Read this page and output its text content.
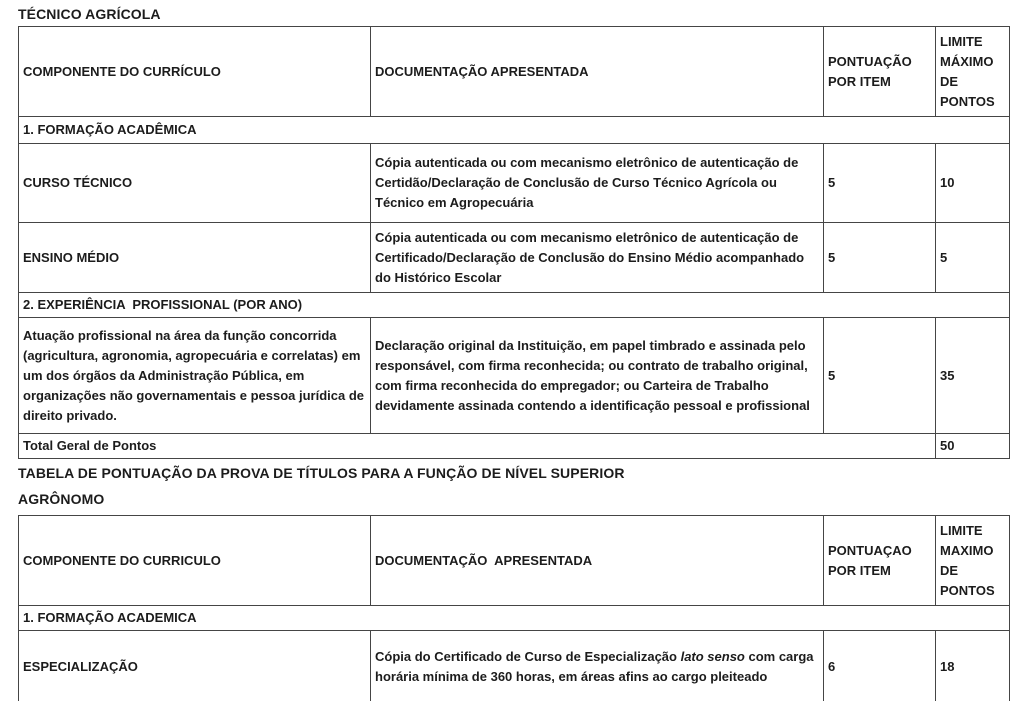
TÉCNICO AGRÍCOLA
COMPONENTE DO CURRÍCULO	DOCUMENTAÇÃO APRESENTADA	PONTUAÇÃO POR ITEM	LIMITE MÁXIMO DE PONTOS
1. FORMAÇÃO ACADÊMICA			
CURSO TÉCNICO	Cópia autenticada ou com mecanismo eletrônico de autenticação de Certidão/Declaração de Conclusão de Curso Técnico Agrícola ou Técnico em Agropecuária	5	10
ENSINO MÉDIO	Cópia autenticada ou com mecanismo eletrônico de autenticação de Certificado/Declaração de Conclusão do Ensino Médio acompanhado do Histórico Escolar	5	5
2. EXPERIÊNCIA  PROFISSIONAL (POR ANO)			
Atuação profissional na área da função concorrida (agricultura, agronomia, agropecuária e correlatas) em um dos órgãos da Administração Pública, em organizações não governamentais e pessoa jurídica de direito privado.	Declaração original da Instituição, em papel timbrado e assinada pelo responsável, com firma reconhecida; ou contrato de trabalho original, com firma reconhecida do empregador; ou Carteira de Trabalho devidamente assinada contendo a identificação pessoal e profissional	5	35
Total Geral de Pontos			50
TABELA DE PONTUAÇÃO DA PROVA DE TÍTULOS PARA A FUNÇÃO DE NÍVEL SUPERIOR
AGRÔNOMO
COMPONENTE DO CURRICULO	DOCUMENTAÇÃO  APRESENTADA	PONTUAÇAO POR ITEM	LIMITE MAXIMO DE PONTOS
1. FORMAÇÃO ACADEMICA			
ESPECIALIZAÇÃO	Cópia do Certificado de Curso de Especialização lato senso com carga horária mínima de 360 horas, em áreas afins ao cargo pleiteado	6	18
